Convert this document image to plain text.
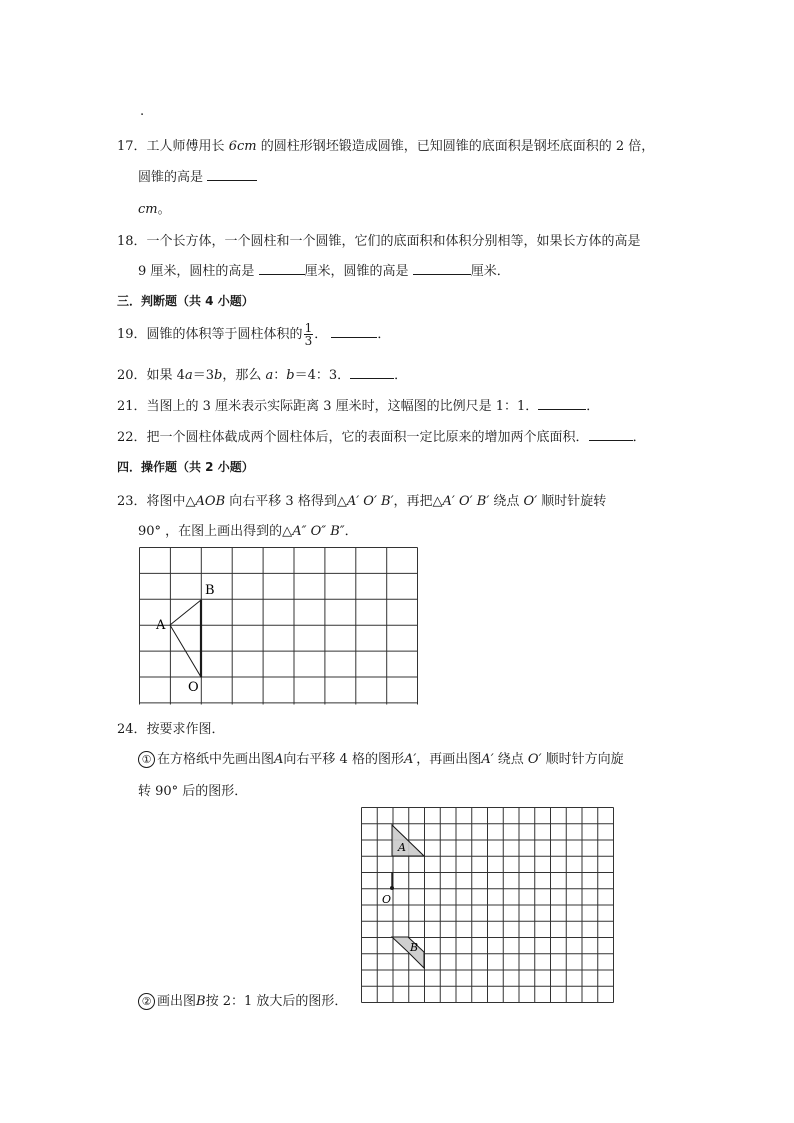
.
17．工人师傅用长 6cm 的圆柱形钢坯锻造成圆锥，已知圆锥的底面积是钢坯底面积的 2 倍，
圆锥的高是
cm。
18．一个长方体，一个圆柱和一个圆锥，它们的底面积和体积分别相等，如果长方体的高是
9 厘米，圆柱的高是	厘米，圆锥的高是	厘米．
三．判断题（共 4 小题）
19．圆锥的体积等于圆柱体积的 $\frac{1}{3}$ ．	．
20．如果 4a＝3b，那么 a：b＝4：3．	．
21．当图上的 3 厘米表示实际距离 3 厘米时，这幅图的比例尺是 1：1．	．
22．把一个圆柱体截成两个圆柱体后，它的表面积一定比原来的增加两个底面积．	．
四．操作题（共 2 小题）
23．将图中△AOB 向右平移 3 格得到△A′ O′ B′，再把△A′ O′ B′ 绕点 O′ 顺时针旋转
90° ，在图上画出得到的△A″ O″ B″．
A
B
O
24．按要求作图．
① 在方格纸中先画出图A向右平移 4 格的图形A′，再画出图A′ 绕点 O′ 顺时针方向旋
转 90° 后的图形．
A
B
O
② 画出图B按 2：1 放大后的图形．
